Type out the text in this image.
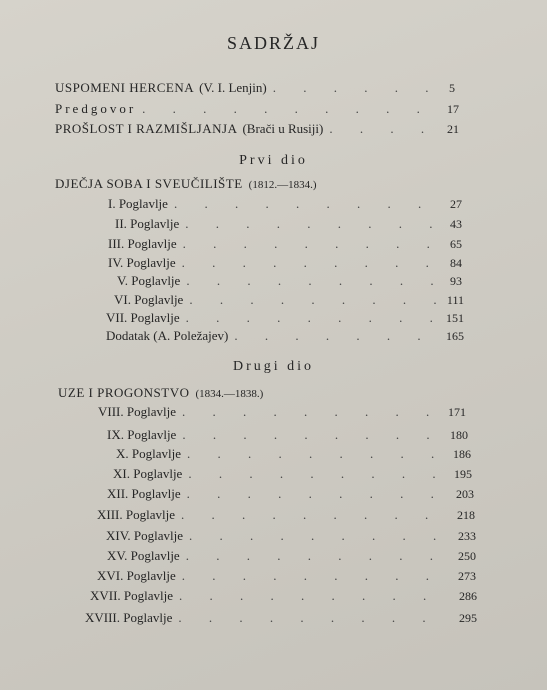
SADRŽAJ
USPOMENI HERCENA (V. I. Lenjin) . . .	5
Predgovor . . .	17
PROŠLOST I RAZMIŠLJANJA (Brači u Rusiji) . . .	21
Prvi dio
DJEČJA SOBA I SVEUČILIŠTE (1812.—1834.)
I. Poglavlje . . .	27
II. Poglavlje . . .	43
III. Poglavlje . . .	65
IV. Poglavlje . . .	84
V. Poglavlje . . .	93
VI. Poglavlje . . .	111
VII. Poglavlje . . .	151
Dodatak (A. Poležajev) . . .	165
Drugi dio
UZE I PROGONSTVO (1834.—1838.)
VIII. Poglavlje . . .	171
IX. Poglavlje . . .	180
X. Poglavlje . . .	186
XI. Poglavlje . . .	195
XII. Poglavlje . . .	203
XIII. Poglavlje . . .	218
XIV. Poglavlje . . .	233
XV. Poglavlje . . .	250
XVI. Poglavlje . . .	273
XVII. Poglavlje . . .	286
XVIII. Poglavlje . . .	295
